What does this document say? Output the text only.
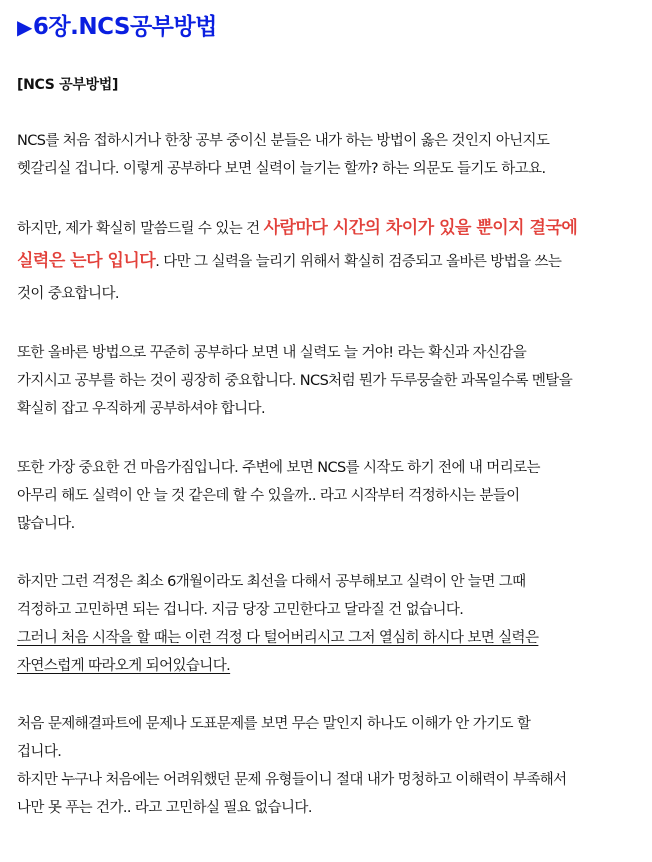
▶6장.NCS공부방법
[NCS 공부방법]
NCS를 처음 접하시거나 한창 공부 중이신 분들은 내가 하는 방법이 옳은 것인지 아닌지도
헷갈리실 겁니다. 이렇게 공부하다 보면 실력이 늘기는 할까? 하는 의문도 들기도 하고요.
하지만, 제가 확실히 말씀드릴 수 있는 건 사람마다 시간의 차이가 있을 뿐이지 결국에
실력은 는다 입니다. 다만 그 실력을 늘리기 위해서 확실히 검증되고 올바른 방법을 쓰는
것이 중요합니다.
또한 올바른 방법으로 꾸준히 공부하다 보면 내 실력도 늘 거야! 라는 확신과 자신감을
가지시고 공부를 하는 것이 굉장히 중요합니다. NCS처럼 뭔가 두루뭉술한 과목일수록 멘탈을
확실히 잡고 우직하게 공부하셔야 합니다.
또한 가장 중요한 건 마음가짐입니다. 주변에 보면 NCS를 시작도 하기 전에 내 머리로는
아무리 해도 실력이 안 늘 것 같은데 할 수 있을까.. 라고 시작부터 걱정하시는 분들이
많습니다.
하지만 그런 걱정은 최소 6개월이라도 최선을 다해서 공부해보고 실력이 안 늘면 그때
걱정하고 고민하면 되는 겁니다. 지금 당장 고민한다고 달라질 건 없습니다.
그러니 처음 시작을 할 때는 이런 걱정 다 털어버리시고 그저 열심히 하시다 보면 실력은
자연스럽게 따라오게 되어있습니다.
처음 문제해결파트에 문제나 도표문제를 보면 무슨 말인지 하나도 이해가 안 가기도 할
겁니다.
하지만 누구나 처음에는 어려워했던 문제 유형들이니 절대 내가 멍청하고 이해력이 부족해서
나만 못 푸는 건가.. 라고 고민하실 필요 없습니다.
